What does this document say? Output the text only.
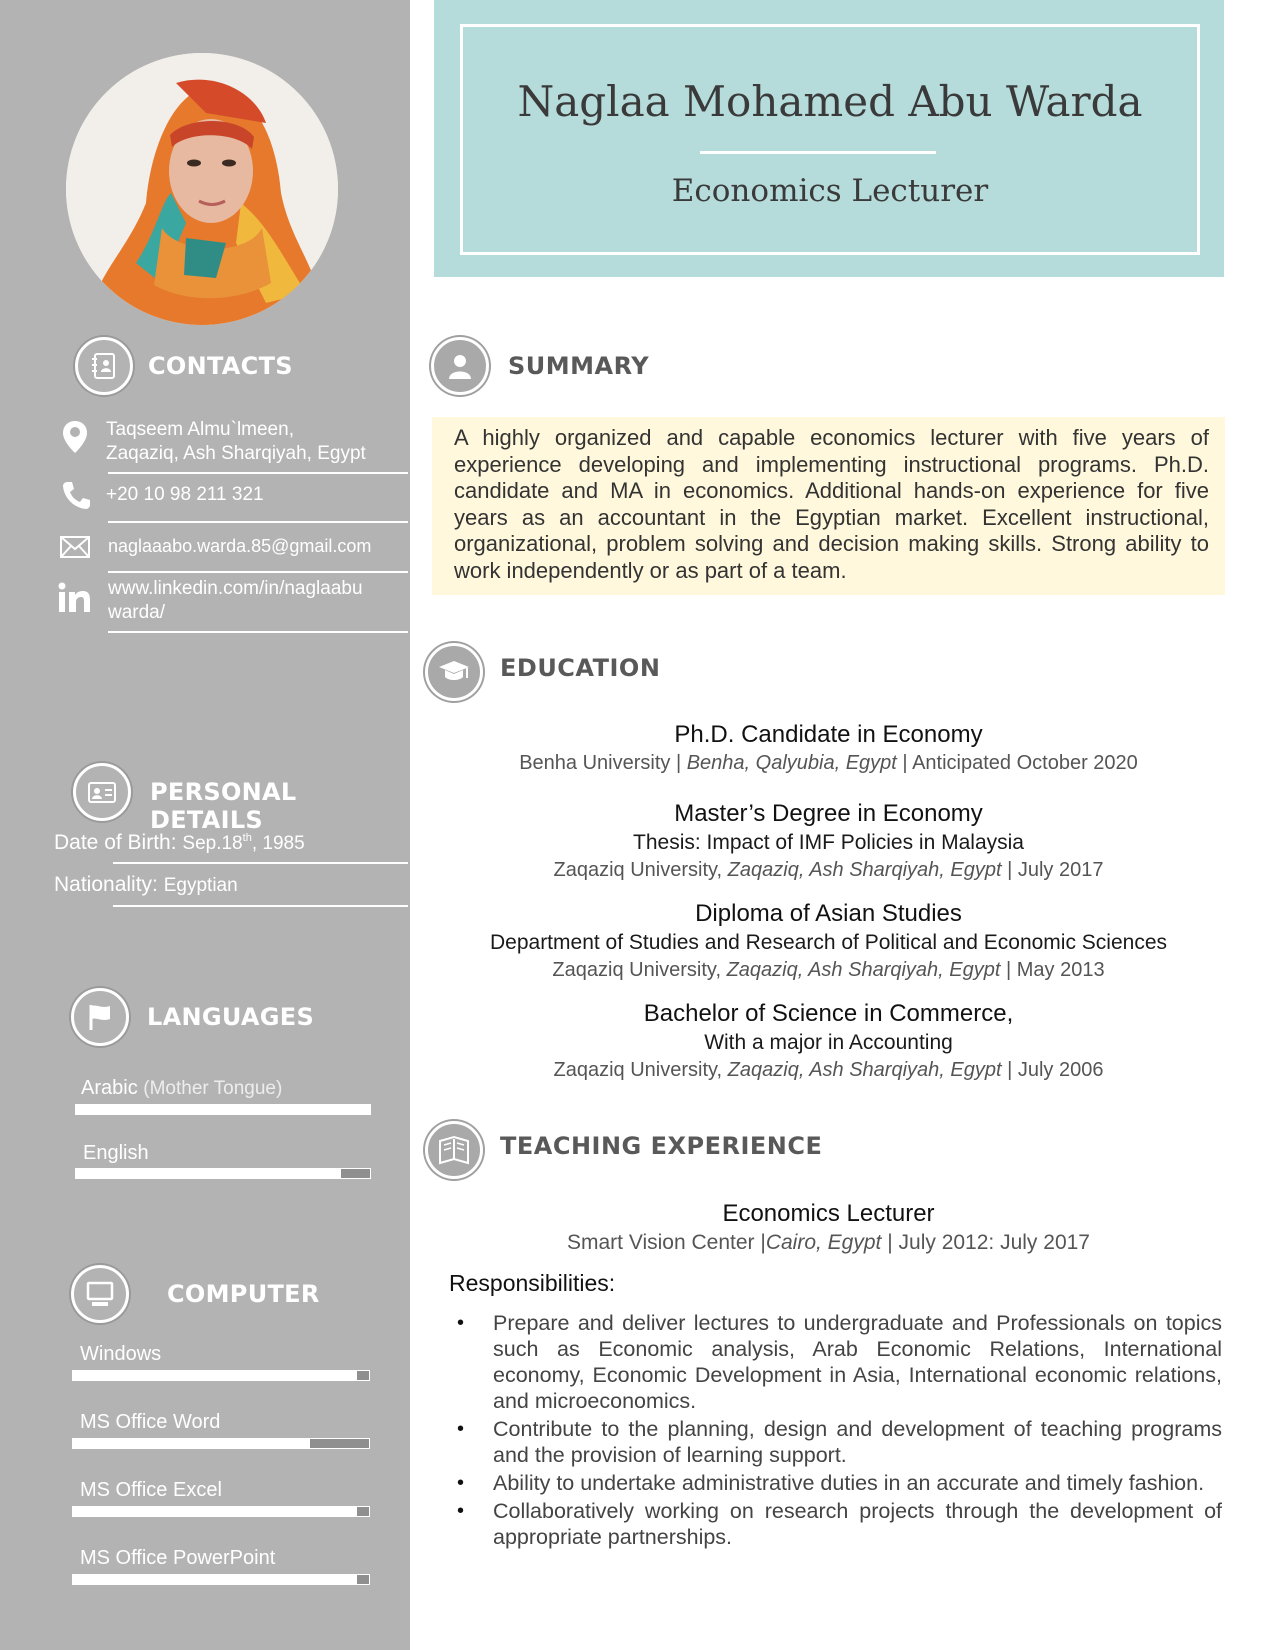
CONTACTS
Taqseem Almu`lmeen,
Zaqaziq, Ash Sharqiyah, Egypt
+20 10 98 211 321
naglaaabo.warda.85@gmail.com
www.linkedin.com/in/naglaabu
warda/
PERSONAL DETAILS
Date of Birth: Sep.18th, 1985
Nationality: Egyptian
LANGUAGES
Arabic (Mother Tongue)
English
COMPUTER
Windows
MS Office Word
MS Office Excel
MS Office PowerPoint
Naglaa Mohamed Abu Warda
Economics Lecturer
SUMMARY

A highly organized and capable economics lecturer with five years of experience developing and implementing instructional programs. Ph.D. candidate and MA in economics. Additional hands-on experience for five years as an accountant in the Egyptian market. Excellent instructional, organizational, problem solving and decision making skills. Strong ability to work independently or as part of a team.

EDUCATION
Ph.D. Candidate in Economy
Benha University | Benha, Qalyubia, Egypt | Anticipated October 2020
Master’s Degree in Economy
Thesis: Impact of IMF Policies in Malaysia
Zaqaziq University, Zaqaziq, Ash Sharqiyah, Egypt | July 2017
Diploma of Asian Studies
Department of Studies and Research of Political and Economic Sciences
Zaqaziq University, Zaqaziq, Ash Sharqiyah, Egypt | May 2013
Bachelor of Science in Commerce,
With a major in Accounting
Zaqaziq University, Zaqaziq, Ash Sharqiyah, Egypt | July 2006
TEACHING EXPERIENCE
Economics Lecturer
Smart Vision Center |Cairo, Egypt | July 2012: July 2017
Responsibilities:
• Prepare and deliver lectures to undergraduate and Professionals on topics such as Economic analysis, Arab Economic Relations, International economy, Economic Development in Asia, International economic relations, and microeconomics.
• Contribute to the planning, design and development of teaching programs and the provision of learning support.
• Ability to undertake administrative duties in an accurate and timely fashion.
• Collaboratively working on research projects through the development of appropriate partnerships.
